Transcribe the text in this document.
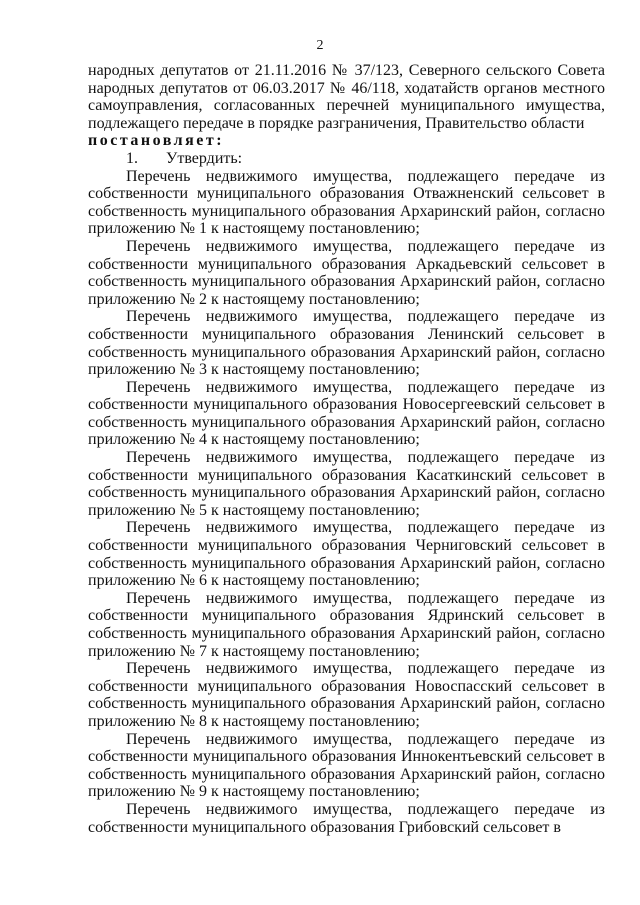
2
народных депутатов от 21.11.2016 № 37/123, Северного сельского Совета
народных депутатов от 06.03.2017 № 46/118, ходатайств органов местного
самоуправления, согласованных перечней муниципального имущества,
подлежащего передаче в порядке разграничения, Правительство области
постановляет:
1. Утвердить:
Перечень недвижимого имущества, подлежащего передаче из собственности муниципального образования Отважненский сельсовет в собственность муниципального образования Архаринский район, согласно приложению № 1 к настоящему постановлению;
Перечень недвижимого имущества, подлежащего передаче из собственности муниципального образования Аркадьевский сельсовет в собственность муниципального образования Архаринский район, согласно приложению № 2 к настоящему постановлению;
Перечень недвижимого имущества, подлежащего передаче из собственности муниципального образования Ленинский сельсовет в собственность муниципального образования Архаринский район, согласно приложению № 3 к настоящему постановлению;
Перечень недвижимого имущества, подлежащего передаче из собственности муниципального образования Новосергеевский сельсовет в собственность муниципального образования Архаринский район, согласно приложению № 4 к настоящему постановлению;
Перечень недвижимого имущества, подлежащего передаче из собственности муниципального образования Касаткинский сельсовет в собственность муниципального образования Архаринский район, согласно приложению № 5 к настоящему постановлению;
Перечень недвижимого имущества, подлежащего передаче из собственности муниципального образования Черниговский сельсовет в собственность муниципального образования Архаринский район, согласно приложению № 6 к настоящему постановлению;
Перечень недвижимого имущества, подлежащего передаче из собственности муниципального образования Ядринский сельсовет в собственность муниципального образования Архаринский район, согласно приложению № 7 к настоящему постановлению;
Перечень недвижимого имущества, подлежащего передаче из собственности муниципального образования Новоспасский сельсовет в собственность муниципального образования Архаринский район, согласно приложению № 8 к настоящему постановлению;
Перечень недвижимого имущества, подлежащего передаче из собственности муниципального образования Иннокентьевский сельсовет в собственность муниципального образования Архаринский район, согласно приложению № 9 к настоящему постановлению;
Перечень недвижимого имущества, подлежащего передаче из собственности муниципального образования Грибовский сельсовет в
